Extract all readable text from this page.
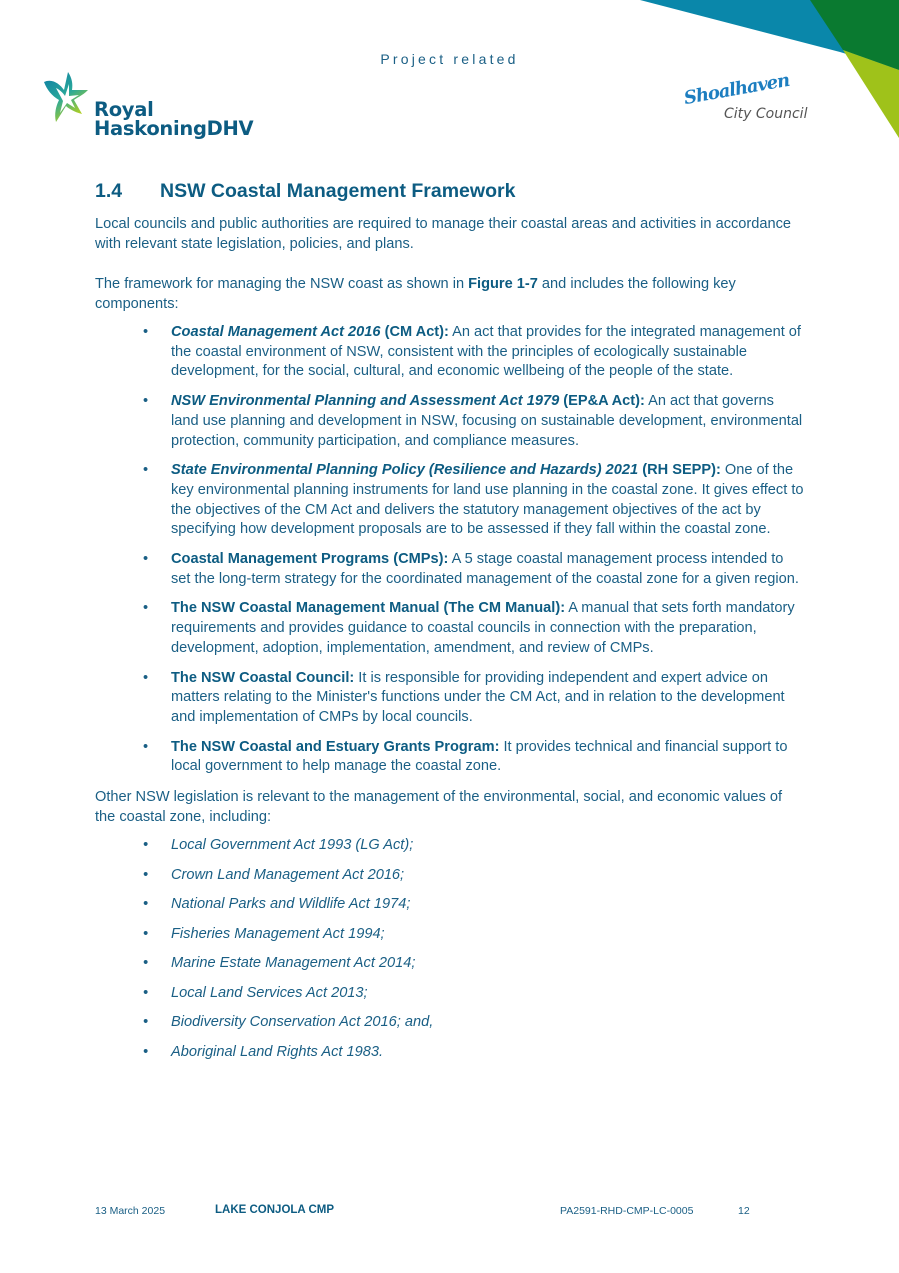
Project related
Royal
HaskoningDHV
Shoalhaven
City Council
1.4 NSW Coastal Management Framework

Local councils and public authorities are required to manage their coastal areas and activities in accordance with relevant state legislation, policies, and plans.

The framework for managing the NSW coast as shown in Figure 1-7 and includes the following key components:

• Coastal Management Act 2016 (CM Act): An act that provides for the integrated management of the coastal environment of NSW, consistent with the principles of ecologically sustainable development, for the social, cultural, and economic wellbeing of the people of the state.
• NSW Environmental Planning and Assessment Act 1979 (EP&A Act): An act that governs land use planning and development in NSW, focusing on sustainable development, environmental protection, community participation, and compliance measures.
• State Environmental Planning Policy (Resilience and Hazards) 2021 (RH SEPP): One of the key environmental planning instruments for land use planning in the coastal zone. It gives effect to the objectives of the CM Act and delivers the statutory management objectives of the act by specifying how development proposals are to be assessed if they fall within the coastal zone.
• Coastal Management Programs (CMPs): A 5 stage coastal management process intended to set the long-term strategy for the coordinated management of the coastal zone for a given region.
• The NSW Coastal Management Manual (The CM Manual): A manual that sets forth mandatory requirements and provides guidance to coastal councils in connection with the preparation, development, adoption, implementation, amendment, and review of CMPs.
• The NSW Coastal Council: It is responsible for providing independent and expert advice on matters relating to the Minister's functions under the CM Act, and in relation to the development and implementation of CMPs by local councils.
• The NSW Coastal and Estuary Grants Program: It provides technical and financial support to local government to help manage the coastal zone.

Other NSW legislation is relevant to the management of the environmental, social, and economic values of the coastal zone, including:

• Local Government Act 1993 (LG Act);
• Crown Land Management Act 2016;
• National Parks and Wildlife Act 1974;
• Fisheries Management Act 1994;
• Marine Estate Management Act 2014;
• Local Land Services Act 2013;
• Biodiversity Conservation Act 2016; and,
• Aboriginal Land Rights Act 1983.
13 March 2025	LAKE CONJOLA CMP	PA2591-RHD-CMP-LC-0005	12
